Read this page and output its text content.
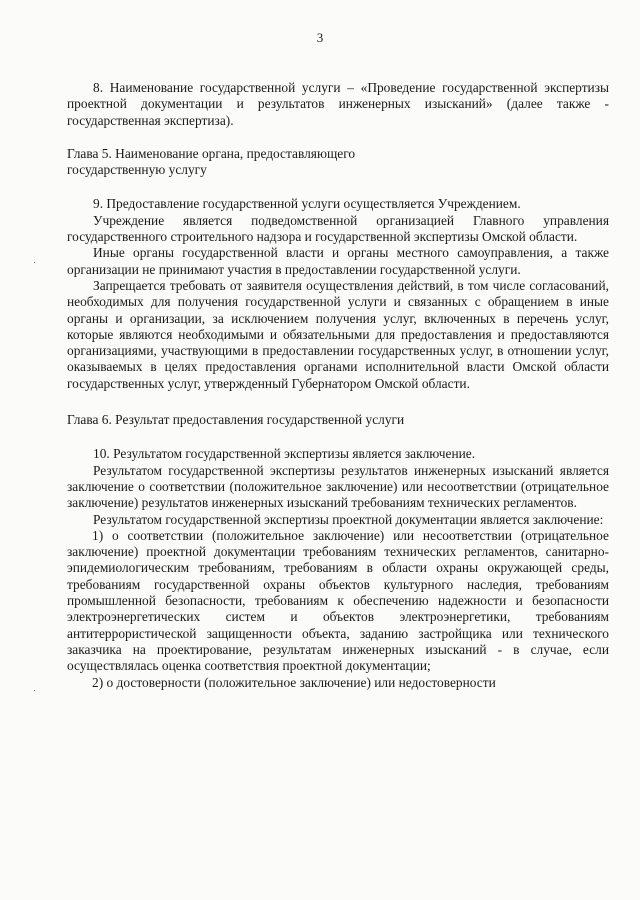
3

8. Наименование государственной услуги – «Проведение государственной экспертизы проектной документации и результатов инженерных изысканий» (далее также - государственная экспертиза).

Глава 5. Наименование органа, предоставляющего

государственную услугу

9. Предоставление государственной услуги осуществляется Учреждением.

Учреждение является подведомственной организацией Главного управления государственного строительного надзора и государственной экспертизы Омской области.

Иные органы государственной власти и органы местного самоуправления, а также организации не принимают участия в предоставлении государственной услуги.

Запрещается требовать от заявителя осуществления действий, в том числе согласований, необходимых для получения государственной услуги и связанных с обращением в иные органы и организации, за исключением получения услуг, включенных в перечень услуг, которые являются необходимыми и обязательными для предоставления и предоставляются организациями, участвующими в предоставлении государственных услуг, в отношении услуг, оказываемых в целях предоставления органами исполнительной власти Омской области государственных услуг, утвержденный Губернатором Омской области.

Глава 6. Результат предоставления государственной услуги

10. Результатом государственной экспертизы является заключение.

Результатом государственной экспертизы результатов инженерных изысканий является заключение о соответствии (положительное заключение) или несоответствии (отрицательное заключение) результатов инженерных изысканий требованиям технических регламентов.

Результатом государственной экспертизы проектной документации является заключение:

1) о соответствии (положительное заключение) или несоответствии (отрицательное заключение) проектной документации требованиям технических регламентов, санитарно-эпидемиологическим требованиям, требованиям в области охраны окружающей среды, требованиям государственной охраны объектов культурного наследия, требованиям промышленной безопасности, требованиям к обеспечению надежности и безопасности электроэнергетических систем и объектов электроэнергетики, требованиям антитеррористической защищенности объекта, заданию застройщика или технического заказчика на проектирование, результатам инженерных изысканий - в случае, если осуществлялась оценка соответствия проектной документации;

2) о достоверности (положительное заключение) или недостоверности
